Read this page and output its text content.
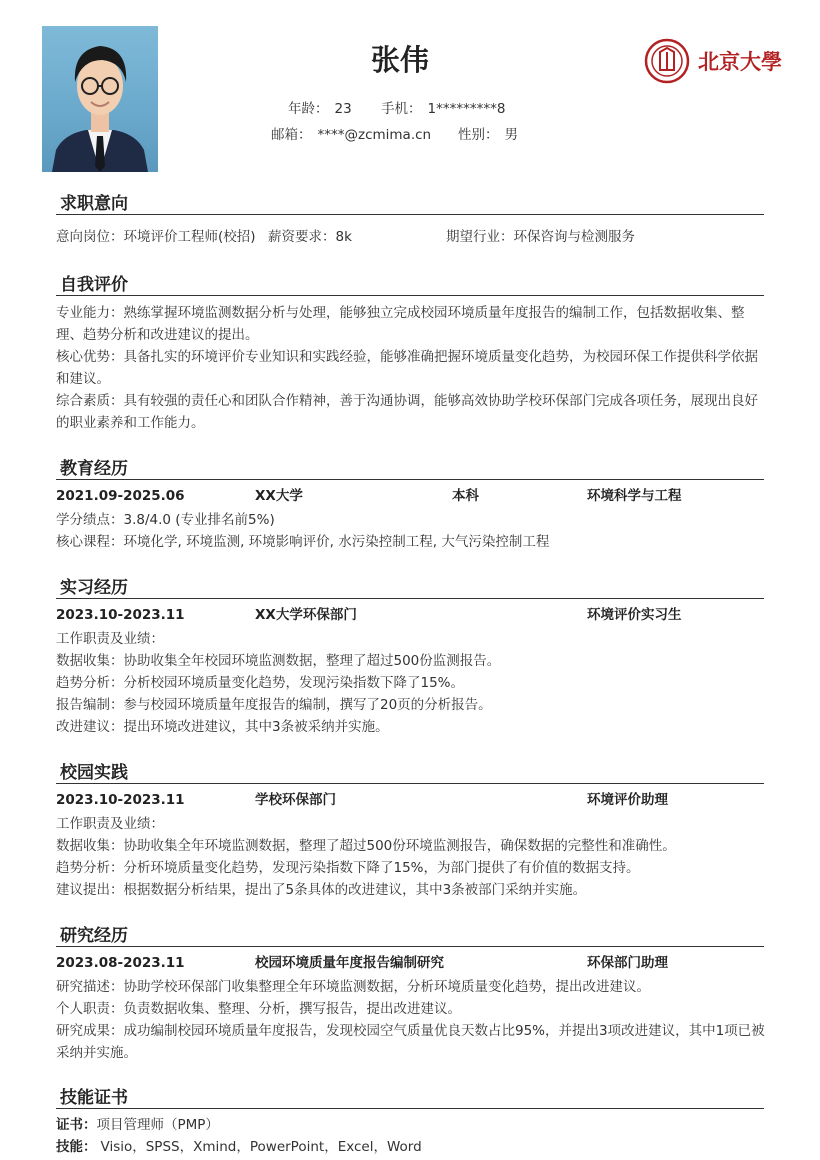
张伟
年龄： 23 手机： 1*********8
邮箱： ****@zcmima.cn 性别： 男
北京大學
求职意向
意向岗位：环境评价工程师(校招) 薪资要求：8k	期望行业：环保咨询与检测服务
自我评价

专业能力：熟练掌握环境监测数据分析与处理，能够独立完成校园环境质量年度报告的编制工作，包括数据收集、整理、趋势分析和改进建议的提出。

核心优势：具备扎实的环境评价专业知识和实践经验，能够准确把握环境质量变化趋势，为校园环保工作提供科学依据和建议。

综合素质：具有较强的责任心和团队合作精神，善于沟通协调，能够高效协助学校环保部门完成各项任务，展现出良好的职业素养和工作能力。

教育经历
2021.09-2025.06	XX大学	本科	环境科学与工程

学分绩点：3.8/4.0 (专业排名前5%)

核心课程：环境化学, 环境监测, 环境影响评价, 水污染控制工程, 大气污染控制工程

实习经历
2023.10-2023.11	XX大学环保部门	环境评价实习生

工作职责及业绩：

数据收集：协助收集全年校园环境监测数据，整理了超过500份监测报告。

趋势分析：分析校园环境质量变化趋势，发现污染指数下降了15%。

报告编制：参与校园环境质量年度报告的编制，撰写了20页的分析报告。

改进建议：提出环境改进建议，其中3条被采纳并实施。

校园实践
2023.10-2023.11	学校环保部门	环境评价助理

工作职责及业绩：

数据收集：协助收集全年环境监测数据，整理了超过500份环境监测报告，确保数据的完整性和准确性。

趋势分析：分析环境质量变化趋势，发现污染指数下降了15%，为部门提供了有价值的数据支持。

建议提出：根据数据分析结果，提出了5条具体的改进建议，其中3条被部门采纳并实施。

研究经历
2023.08-2023.11	校园环境质量年度报告编制研究	环保部门助理

研究描述：协助学校环保部门收集整理全年环境监测数据，分析环境质量变化趋势，提出改进建议。

个人职责：负责数据收集、整理、分析，撰写报告，提出改进建议。

研究成果：成功编制校园环境质量年度报告，发现校园空气质量优良天数占比95%，并提出3项改进建议，其中1项已被采纳并实施。

技能证书
证书：项目管理师（PMP）
技能： Visio，SPSS，Xmind，PowerPoint，Excel，Word
